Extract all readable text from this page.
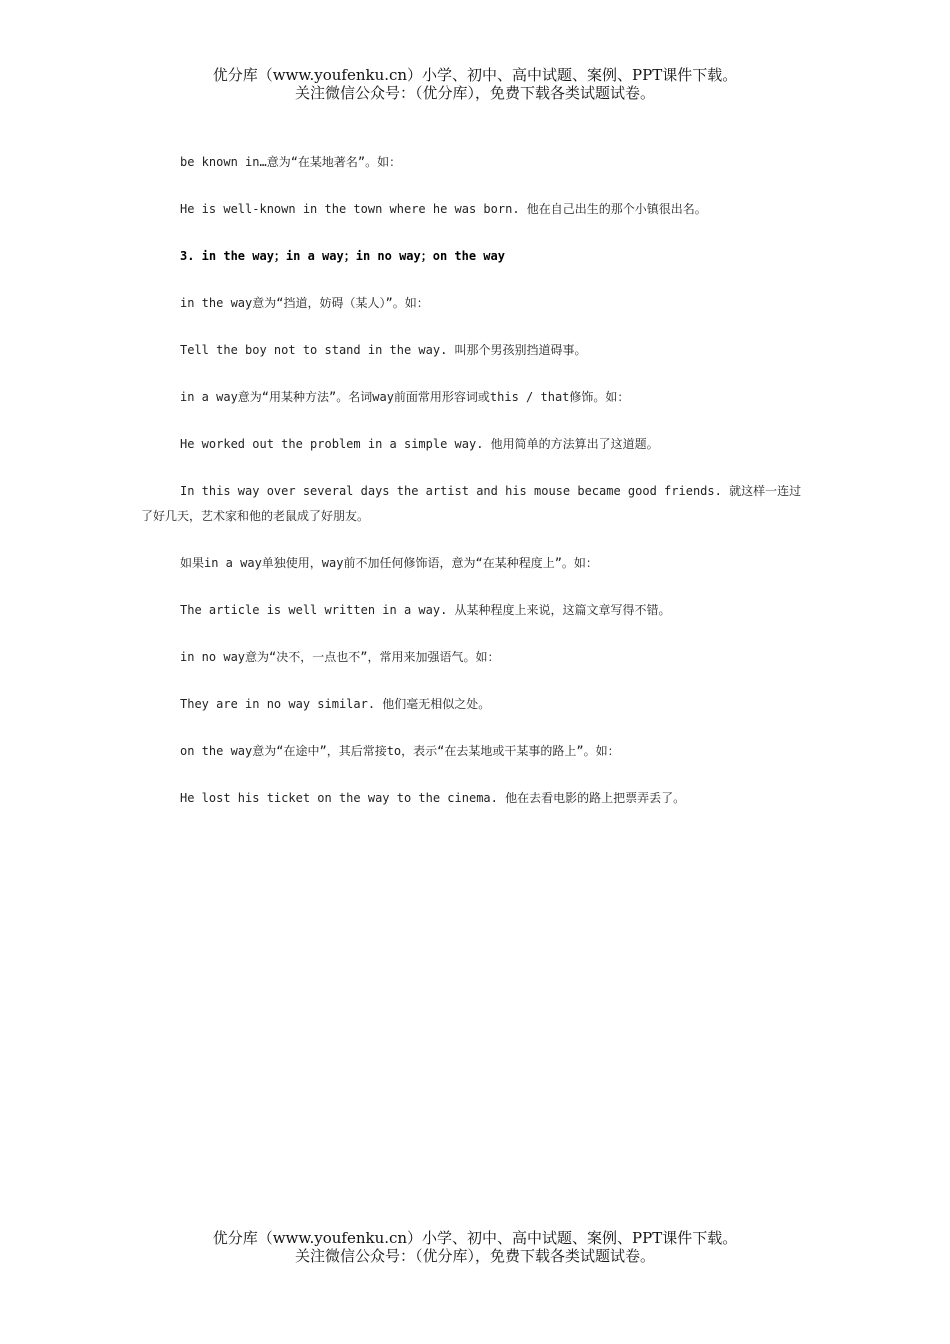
优分库（www.youfenku.cn）小学、初中、高中试题、案例、PPT课件下载。
关注微信公众号：（优分库），免费下载各类试题试卷。

be known in…意为“在某地著名”。如：

He is well-known in the town where he was born. 他在自己出生的那个小镇很出名。

3. in the way；in a way；in no way；on the way

in the way意为“挡道，妨碍（某人）”。如：

Tell the boy not to stand in the way. 叫那个男孩别挡道碍事。

in a way意为“用某种方法”。名词way前面常用形容词或this / that修饰。如：

He worked out the problem in a simple way. 他用简单的方法算出了这道题。

In this way over several days the artist and his mouse became good friends. 就这样一连过了好几天，艺术家和他的老鼠成了好朋友。

如果in a way单独使用，way前不加任何修饰语，意为“在某种程度上”。如：

The article is well written in a way. 从某种程度上来说，这篇文章写得不错。

in no way意为“决不，一点也不”，常用来加强语气。如：

They are in no way similar. 他们毫无相似之处。

on the way意为“在途中”，其后常接to，表示“在去某地或干某事的路上”。如：

He lost his ticket on the way to the cinema. 他在去看电影的路上把票弄丢了。

优分库（www.youfenku.cn）小学、初中、高中试题、案例、PPT课件下载。
关注微信公众号：（优分库），免费下载各类试题试卷。
